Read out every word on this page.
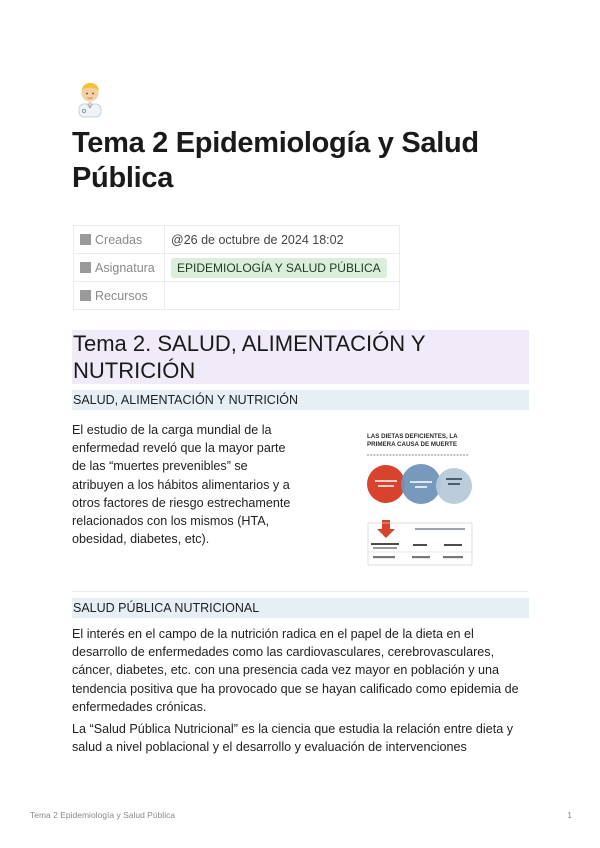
Tema 2 Epidemiología y Salud Pública
Creadas	@26 de octubre de 2024 18:02
Asignatura	EPIDEMIOLOGÍA Y SALUD PÚBLICA
Recursos	
Tema 2. SALUD, ALIMENTACIÓN Y NUTRICIÓN
SALUD, ALIMENTACIÓN Y NUTRICIÓN

El estudio de la carga mundial de la enfermedad reveló que la mayor parte de las “muertes prevenibles” se atribuyen a los hábitos alimentarios y a otros factores de riesgo estrechamente relacionados con los mismos (HTA, obesidad, diabetes, etc).

LAS DIETAS DEFICIENTES, LA
PRIMERA CAUSA DE MUERTE
SALUD PÚBLICA NUTRICIONAL

El interés en el campo de la nutrición radica en el papel de la dieta en el desarrollo de enfermedades como las cardiovasculares, cerebrovasculares, cáncer, diabetes, etc. con una presencia cada vez mayor en población y una tendencia positiva que ha provocado que se hayan calificado como epidemia de enfermedades crónicas.

La “Salud Pública Nutricional” es la ciencia que estudia la relación entre dieta y salud a nivel poblacional y el desarrollo y evaluación de intervenciones

Tema 2 Epidemiología y Salud Pública	1
